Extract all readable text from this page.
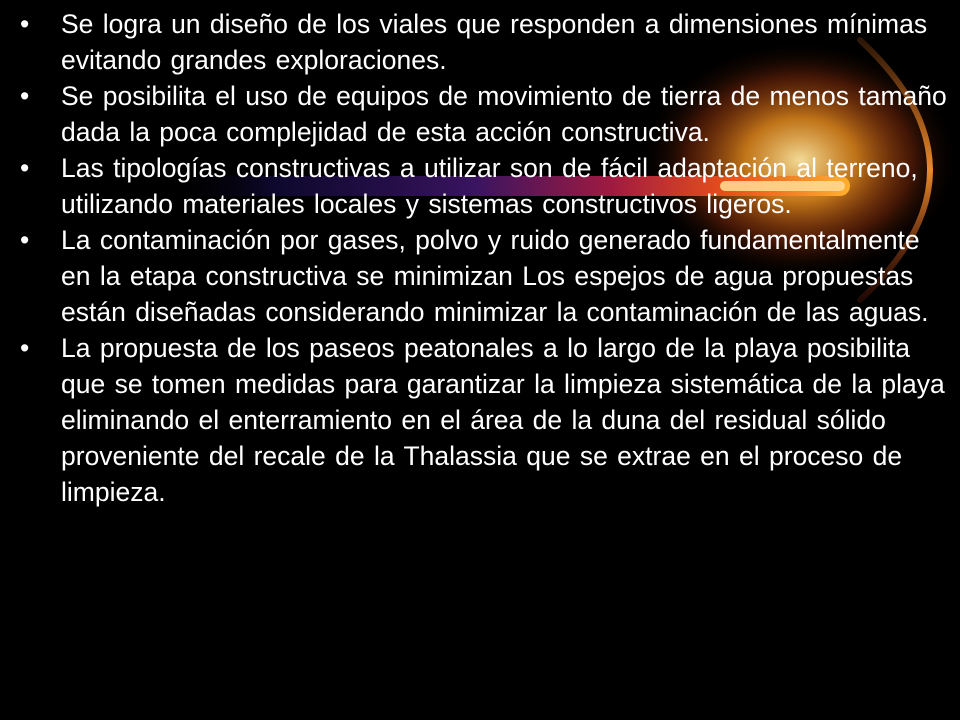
•	Se logra un diseño de los viales que responden a dimensiones mínimas evitando grandes exploraciones.
•	Se posibilita el uso de equipos de movimiento de tierra de menos tamaño dada la poca complejidad de esta acción constructiva.
•	Las tipologías constructivas a utilizar son de fácil adaptación al terreno, utilizando materiales locales y sistemas constructivos ligeros.
•	La contaminación por gases, polvo y ruido generado fundamentalmente en la etapa constructiva se minimizan Los espejos de agua propuestas están diseñadas considerando minimizar la contaminación de las aguas.
•	La propuesta de los paseos peatonales a lo largo de la playa posibilita que se tomen medidas para garantizar la limpieza sistemática de la playa eliminando el enterramiento en el área de la duna del residual sólido proveniente del recale de la Thalassia que se extrae en el proceso de limpieza.
